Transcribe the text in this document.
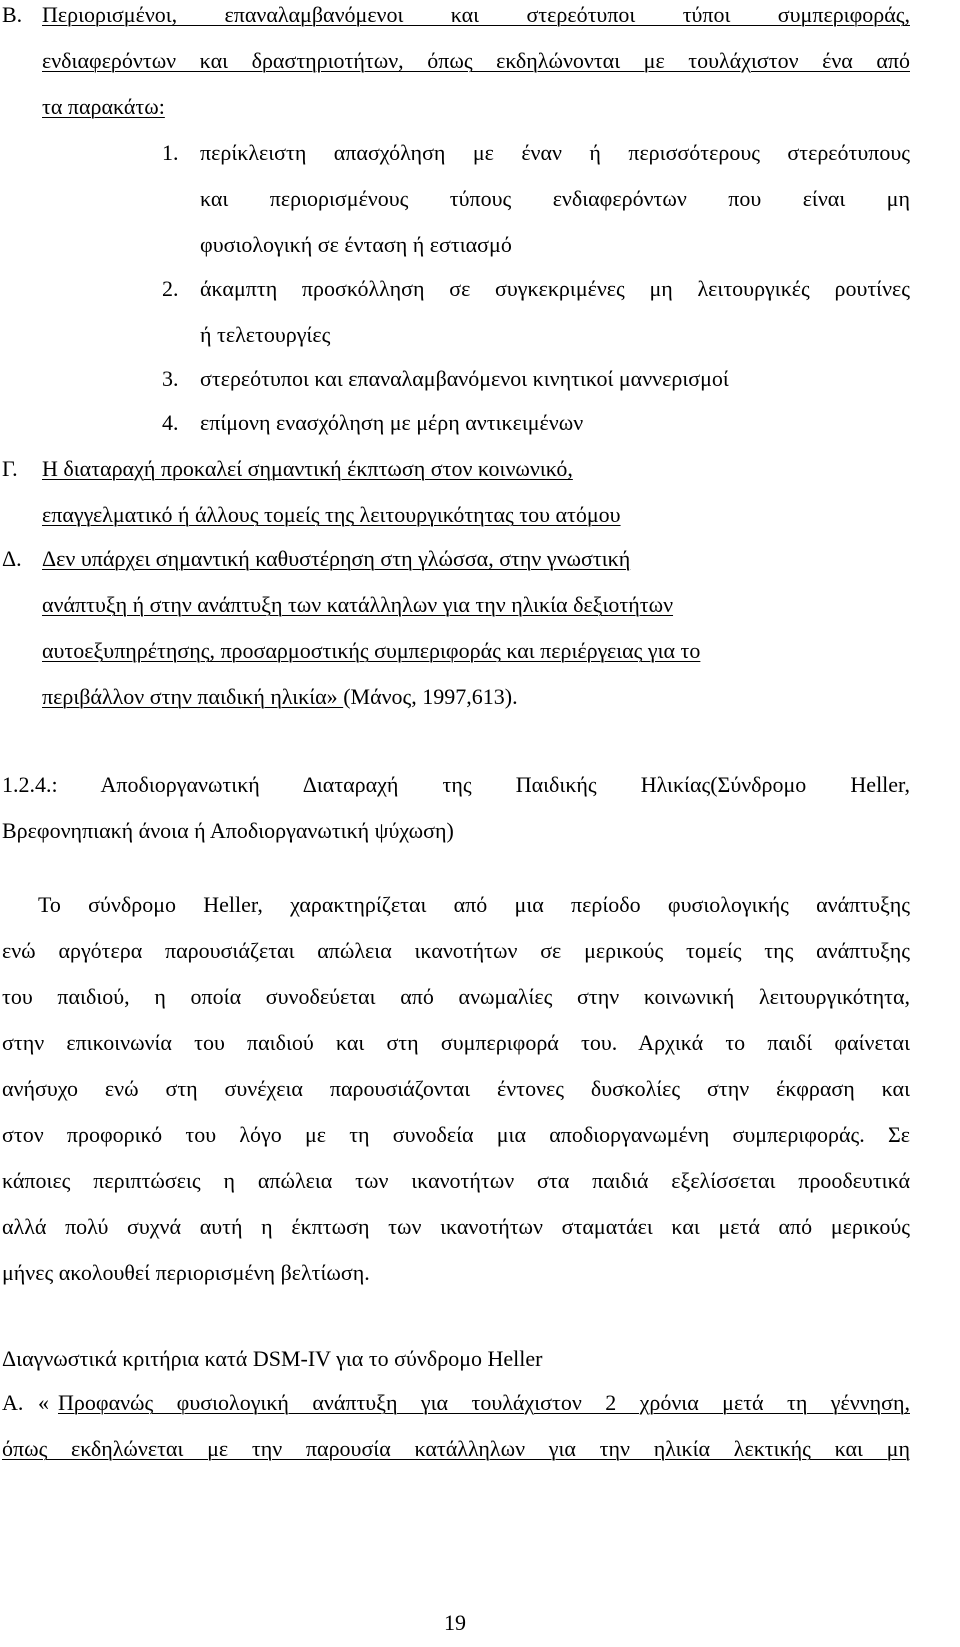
Β. Περιορισμένοι, επαναλαμβανόμενοι και στερεότυποι τύποι συμπεριφοράς,
ενδιαφερόντων και δραστηριοτήτων, όπως εκδηλώνονται με τουλάχιστον ένα από
τα παρακάτω:
1. περίκλειστη απασχόληση με έναν ή περισσότερους στερεότυπους
και περιορισμένους τύπους ενδιαφερόντων που είναι μη
φυσιολογική σε ένταση ή εστιασμό
2. άκαμπτη προσκόλληση σε συγκεκριμένες μη λειτουργικές ρουτίνες
ή τελετουργίες
3. στερεότυποι και επαναλαμβανόμενοι κινητικοί μαννερισμοί
4. επίμονη ενασχόληση με μέρη αντικειμένων
Γ. Η διαταραχή προκαλεί σημαντική έκπτωση στον κοινωνικό,
επαγγελματικό ή άλλους τομείς της λειτουργικότητας του ατόμου
Δ. Δεν υπάρχει σημαντική καθυστέρηση στη γλώσσα, στην γνωστική
ανάπτυξη ή στην ανάπτυξη των κατάλληλων για την ηλικία δεξιοτήτων
αυτοεξυπηρέτησης, προσαρμοστικής συμπεριφοράς και περιέργειας για το
περιβάλλον στην παιδική ηλικία» (Μάνος, 1997,613).
1.2.4.: Αποδιοργανωτική Διαταραχή της Παιδικής Ηλικίας(Σύνδρομο Heller,
Βρεφονηπιακή άνοια ή Αποδιοργανωτική ψύχωση)
Το σύνδρομο Heller, χαρακτηρίζεται από μια περίοδο φυσιολογικής ανάπτυξης
ενώ αργότερα παρουσιάζεται απώλεια ικανοτήτων σε μερικούς τομείς της ανάπτυξης
του παιδιού, η οποία συνοδεύεται από ανωμαλίες στην κοινωνική λειτουργικότητα,
στην επικοινωνία του παιδιού και στη συμπεριφορά του. Αρχικά το παιδί φαίνεται
ανήσυχο ενώ στη συνέχεια παρουσιάζονται έντονες δυσκολίες στην έκφραση και
στον προφορικό του λόγο με τη συνοδεία μια αποδιοργανωμένη συμπεριφοράς. Σε
κάποιες περιπτώσεις η απώλεια των ικανοτήτων στα παιδιά εξελίσσεται προοδευτικά
αλλά πολύ συχνά αυτή η έκπτωση των ικανοτήτων σταματάει και μετά από μερικούς
μήνες ακολουθεί περιορισμένη βελτίωση.
Διαγνωστικά κριτήρια κατά DSM-IV για το σύνδρομο Heller
Α. « Προφανώς φυσιολογική ανάπτυξη για τουλάχιστον 2 χρόνια μετά τη γέννηση,
όπως εκδηλώνεται με την παρουσία κατάλληλων για την ηλικία λεκτικής και μη
19
